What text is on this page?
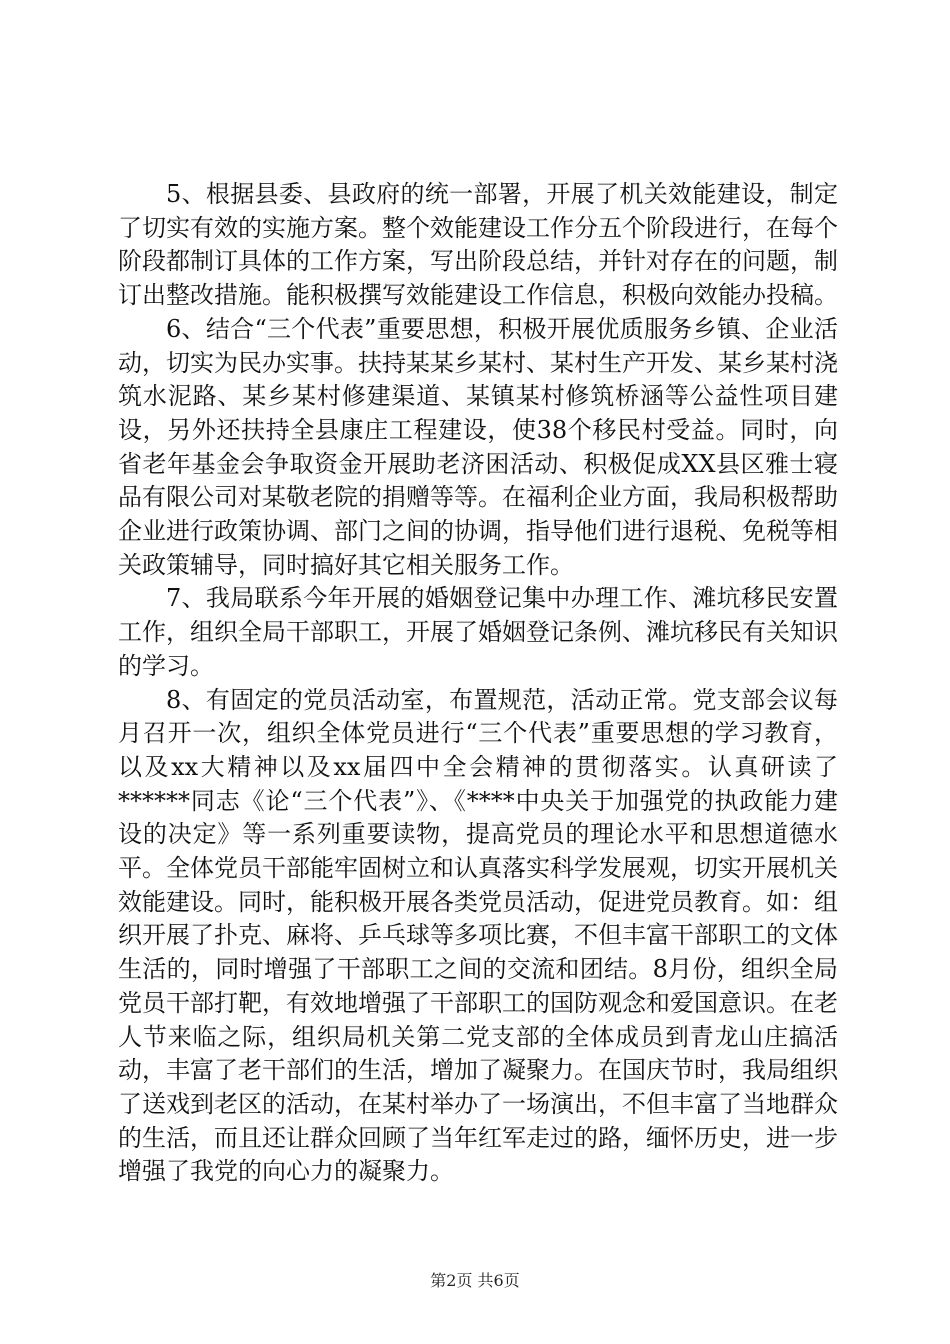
5、根据县委、县政府的统一部署，开展了机关效能建设，制定了切实有效的实施方案。整个效能建设工作分五个阶段进行，在每个阶段都制订具体的工作方案，写出阶段总结，并针对存在的问题，制订出整改措施。能积极撰写效能建设工作信息，积极向效能办投稿。

6、结合“三个代表”重要思想，积极开展优质服务乡镇、企业活动，切实为民办实事。扶持某某乡某村、某村生产开发、某乡某村浇筑水泥路、某乡某村修建渠道、某镇某村修筑桥涵等公益性项目建设，另外还扶持全县康庄工程建设，使38个移民村受益。同时，向省老年基金会争取资金开展助老济困活动、积极促成XX县区雅士寝品有限公司对某敬老院的捐赠等等。在福利企业方面，我局积极帮助企业进行政策协调、部门之间的协调，指导他们进行退税、免税等相关政策辅导，同时搞好其它相关服务工作。

7、我局联系今年开展的婚姻登记集中办理工作、滩坑移民安置工作，组织全局干部职工，开展了婚姻登记条例、滩坑移民有关知识的学习。

8、有固定的党员活动室，布置规范，活动正常。党支部会议每月召开一次，组织全体党员进行“三个代表”重要思想的学习教育，以及xx大精神以及xx届四中全会精神的贯彻落实。认真研读了******同志《论“三个代表”》、《****中央关于加强党的执政能力建设的决定》等一系列重要读物，提高党员的理论水平和思想道德水平。全体党员干部能牢固树立和认真落实科学发展观，切实开展机关效能建设。同时，能积极开展各类党员活动，促进党员教育。如：组织开展了扑克、麻将、乒乓球等多项比赛，不但丰富干部职工的文体生活的，同时增强了干部职工之间的交流和团结。8月份，组织全局党员干部打靶，有效地增强了干部职工的国防观念和爱国意识。在老人节来临之际，组织局机关第二党支部的全体成员到青龙山庄搞活动，丰富了老干部们的生活，增加了凝聚力。在国庆节时，我局组织了送戏到老区的活动，在某村举办了一场演出，不但丰富了当地群众的生活，而且还让群众回顾了当年红军走过的路，缅怀历史，进一步增强了我党的向心力的凝聚力。

第2页 共6页
